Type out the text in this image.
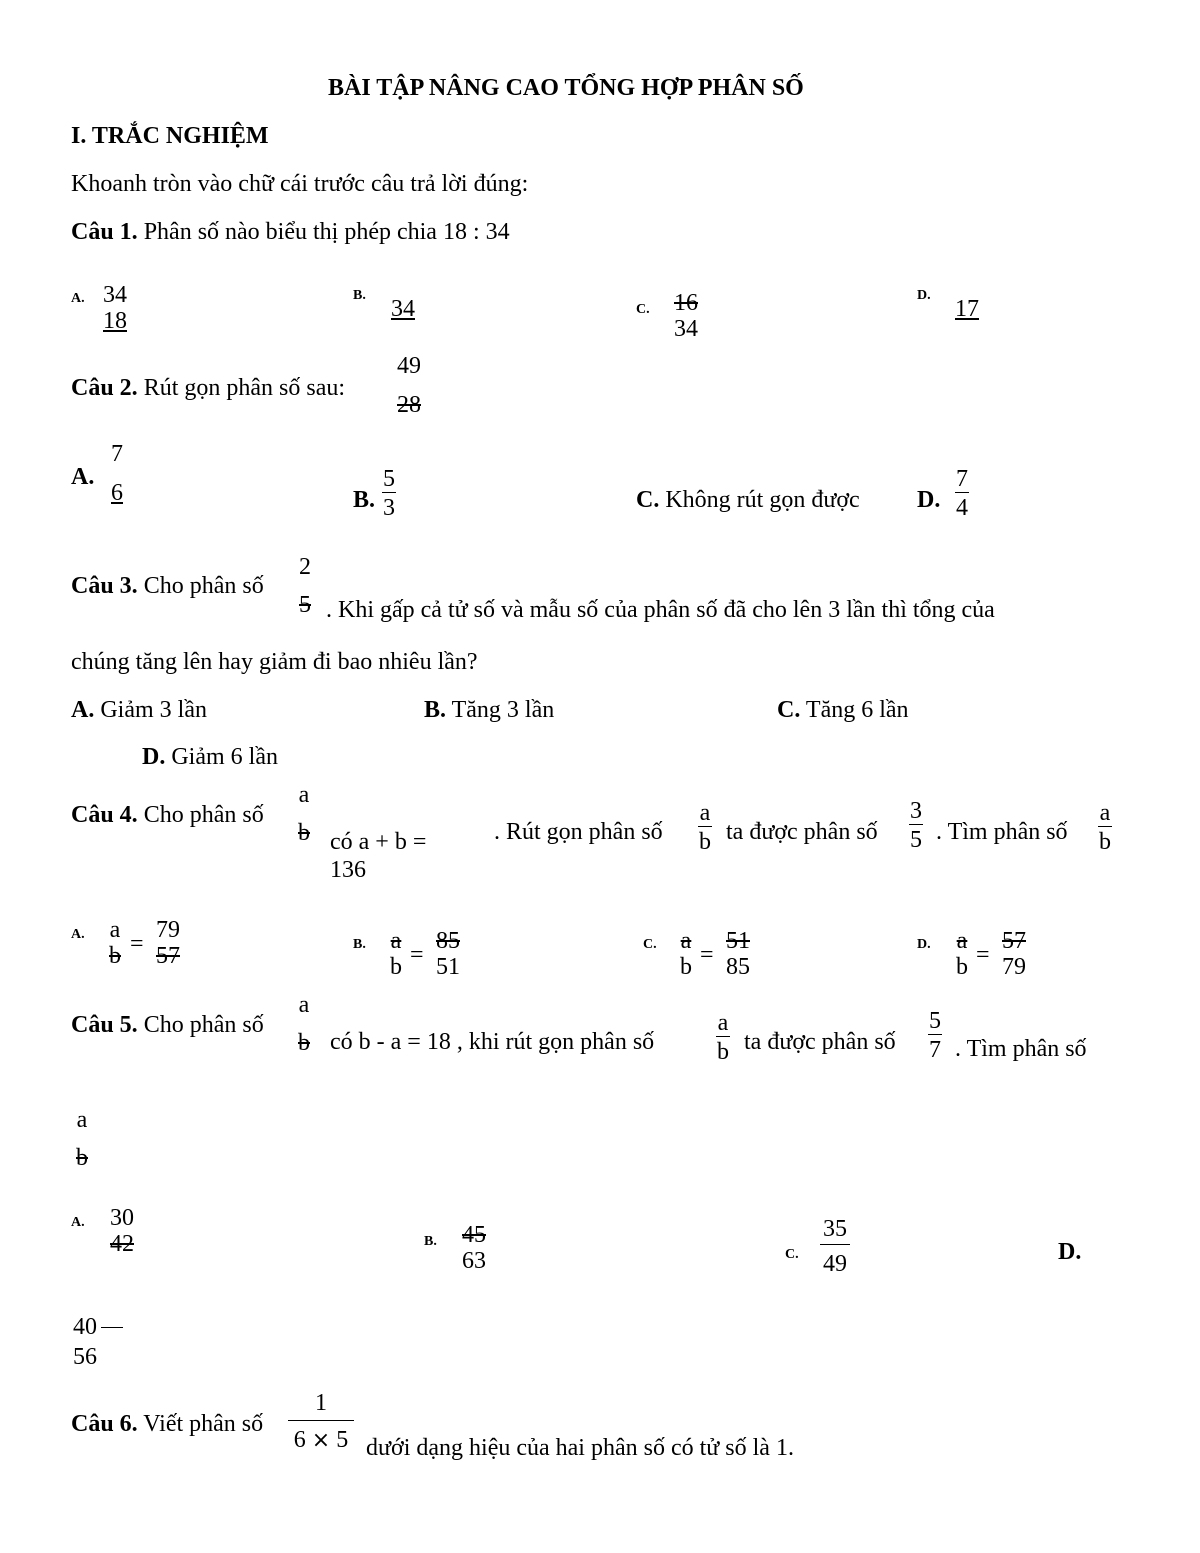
BÀI TẬP NÂNG CAO TỔNG HỢP PHÂN SỐ
I. TRẮC NGHIỆM
Khoanh tròn vào chữ cái trước câu trả lời đúng:
Câu 1. Phân số nào biểu thị phép chia 18 : 34
A. 34
18
B.
34	C. 16
34
D.
17
Câu 2. Rút gọn phân số sau:
49
28
A.
7
6	B.
5
3	C. Không rút gọn được D.
7
4
Câu 3. Cho phân số
2
5 . Khi gấp cả tử số và mẫu số của phân số đã cho lên 3 lần thì tổng của
chúng tăng lên hay giảm đi bao nhiêu lần?
A. Giảm 3 lần	B. Tăng 3 lần	C. Tăng 6 lần
D. Giảm 6 lần
Câu 4. Cho phân số
a
b có a + b =
136
. Rút gọn phân số
a
b ta được phân số
3
5 . Tìm phân số
a
b
A. a
b =
79
57	B. a
b =
85
51
C. a
b =
51
85
D. a
b =
57
79
Câu 5. Cho phân số
a
b có b - a = 18 , khi rút gọn phân số
a
b ta được phân số
5
7 . Tìm phân số
a
b
A. 30
42	B. 45
63	C.
35
49	D.
40
56
Câu 6. Viết phân số
1
6 × 5 dưới dạng hiệu của hai phân số có tử số là 1.
